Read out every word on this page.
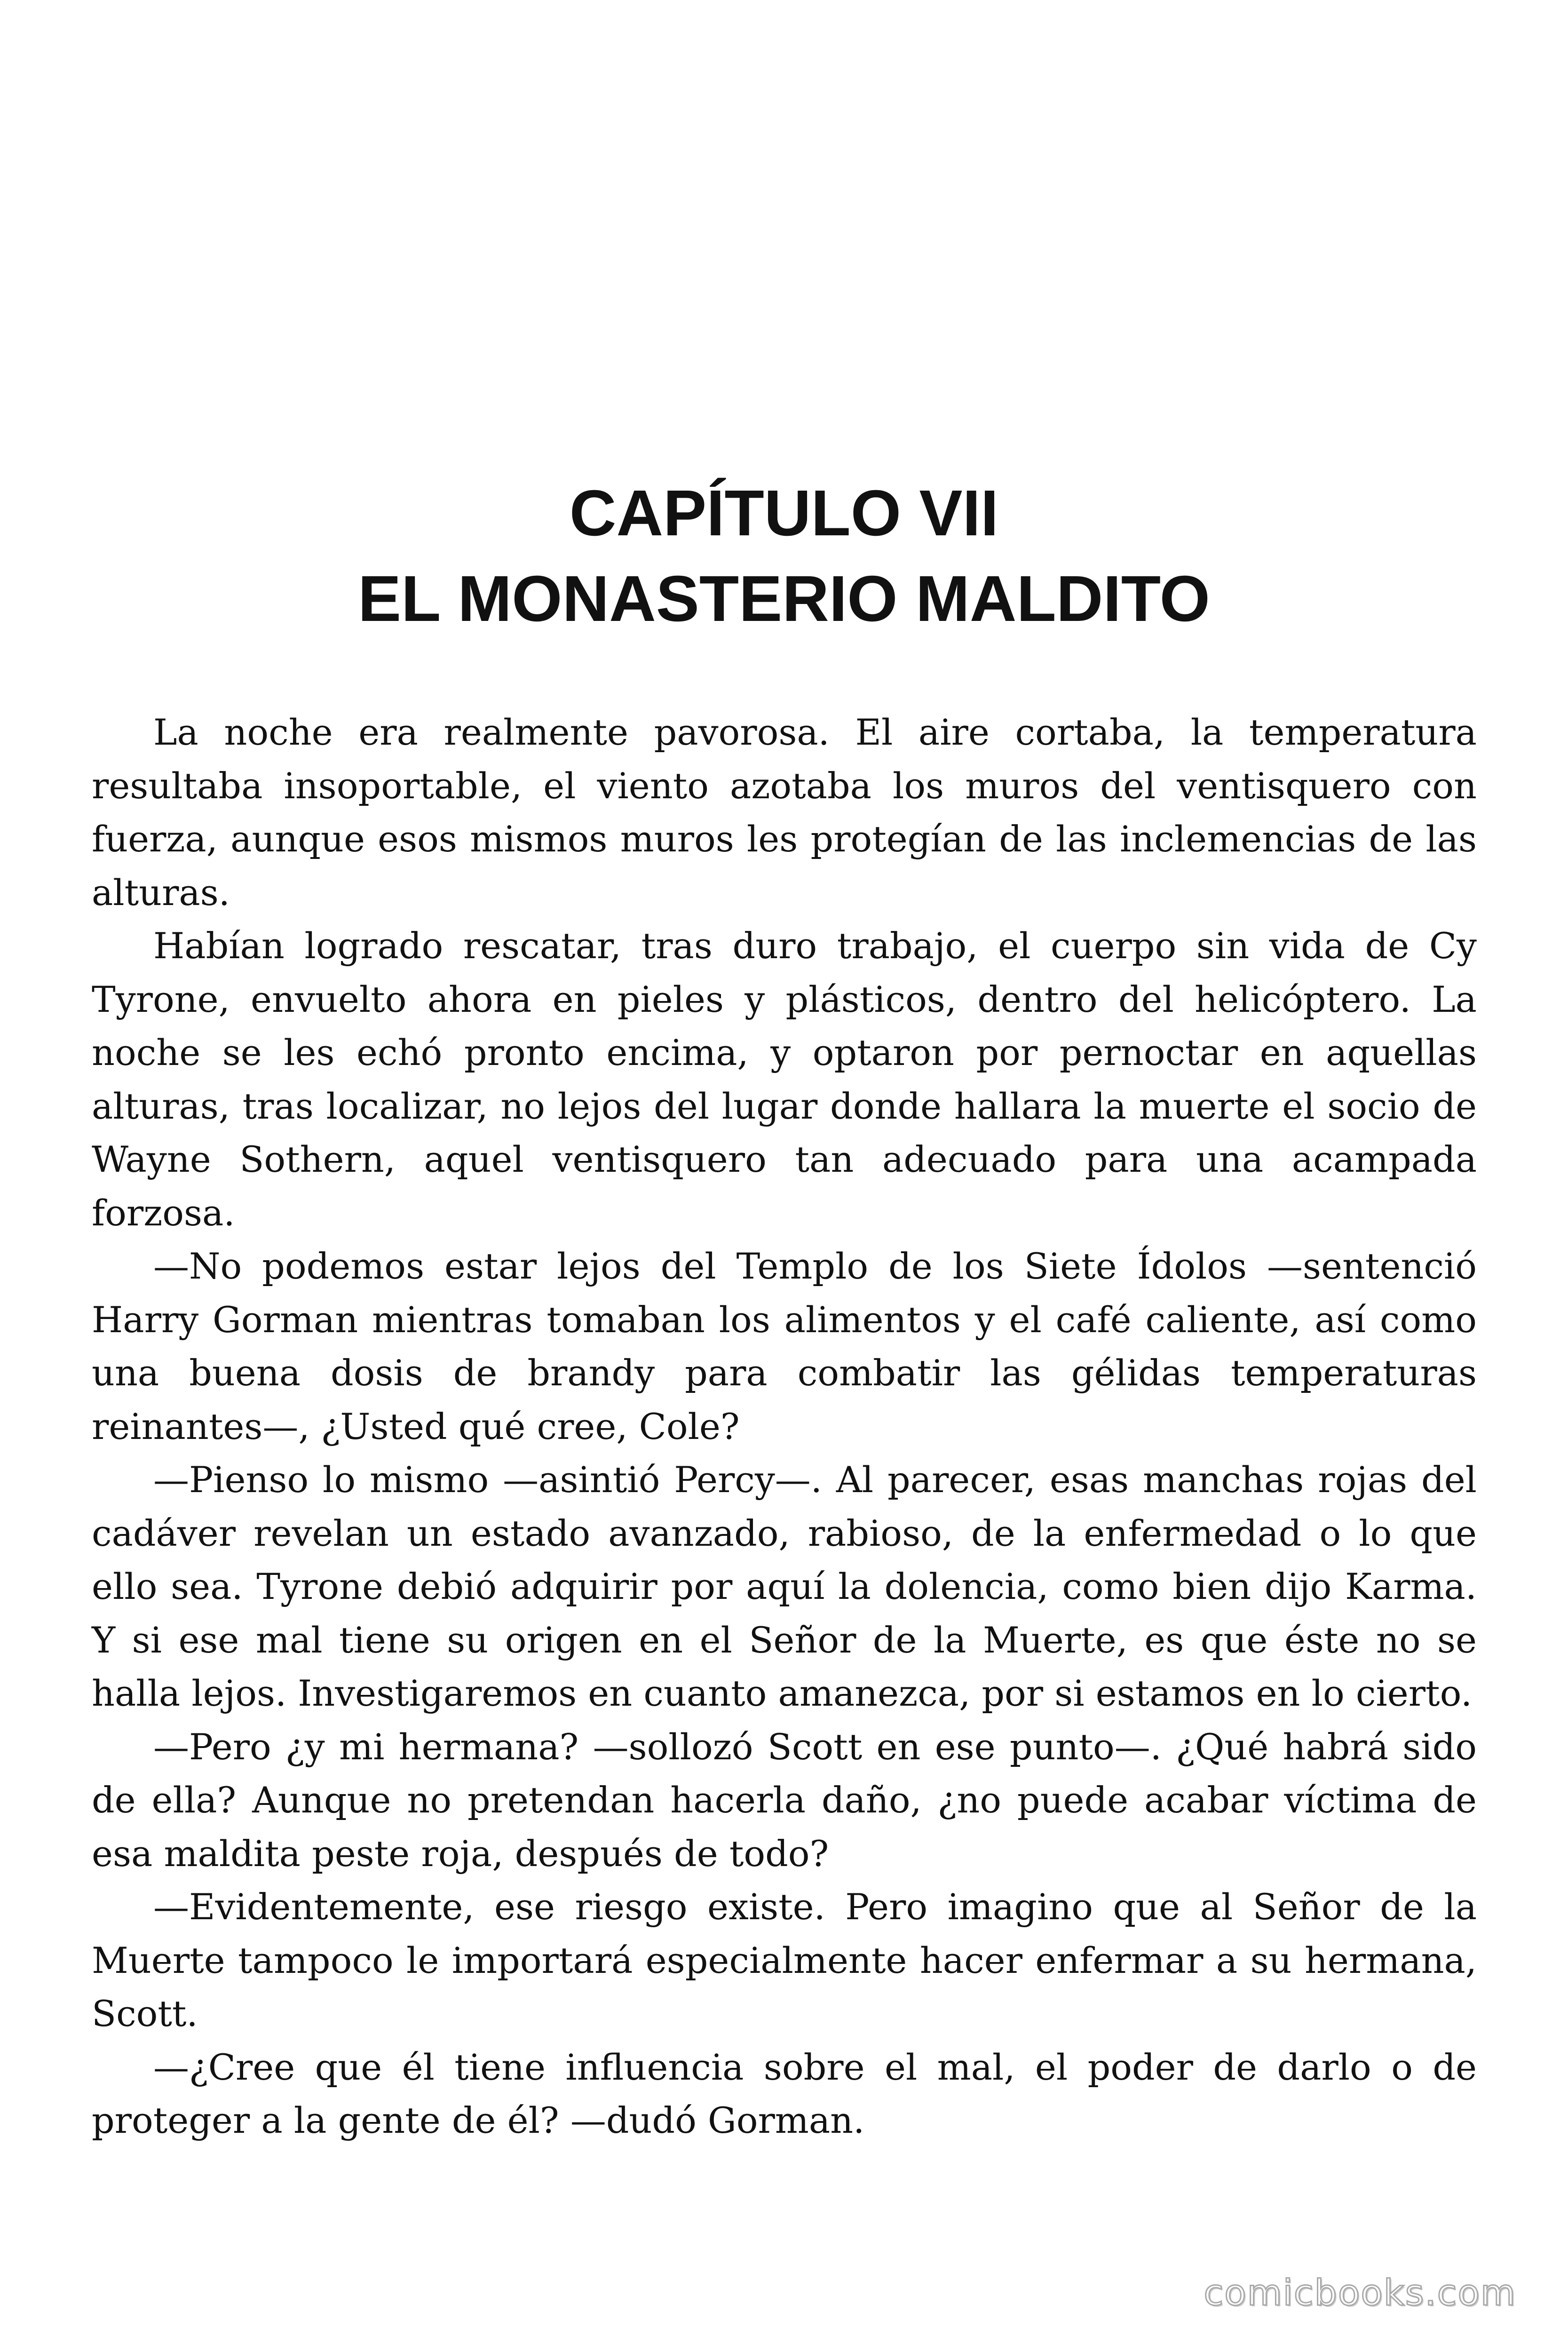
CAPÍTULO VII
EL MONASTERIO MALDITO

La noche era realmente pavorosa. El aire cortaba, la temperatura resultaba insoportable, el viento azotaba los muros del ventisquero con fuerza, aunque esos mismos muros les protegían de las inclemencias de las alturas.

Habían logrado rescatar, tras duro trabajo, el cuerpo sin vida de Cy Tyrone, envuelto ahora en pieles y plásticos, dentro del helicóptero. La noche se les echó pronto encima, y optaron por pernoctar en aquellas alturas, tras localizar, no lejos del lugar donde hallara la muerte el socio de Wayne Sothern, aquel ventisquero tan adecuado para una acampada forzosa.

—No podemos estar lejos del Templo de los Siete Ídolos —sentenció Harry Gorman mientras tomaban los alimentos y el café caliente, así como una buena dosis de brandy para combatir las gélidas temperaturas reinantes—, ¿Usted qué cree, Cole?

—Pienso lo mismo —asintió Percy—. Al parecer, esas manchas rojas del cadáver revelan un estado avanzado, rabioso, de la enfermedad o lo que ello sea. Tyrone debió adquirir por aquí la dolencia, como bien dijo Karma. Y si ese mal tiene su origen en el Señor de la Muerte, es que éste no se halla lejos. Investigaremos en cuanto amanezca, por si estamos en lo cierto.

—Pero ¿y mi hermana? —sollozó Scott en ese punto—. ¿Qué habrá sido de ella? Aunque no pretendan hacerla daño, ¿no puede acabar víctima de esa maldita peste roja, después de todo?

—Evidentemente, ese riesgo existe. Pero imagino que al Señor de la Muerte tampoco le importará especialmente hacer enfermar a su hermana, Scott.

—¿Cree que él tiene influencia sobre el mal, el poder de darlo o de proteger a la gente de él? —dudó Gorman.

comicbooks.com
